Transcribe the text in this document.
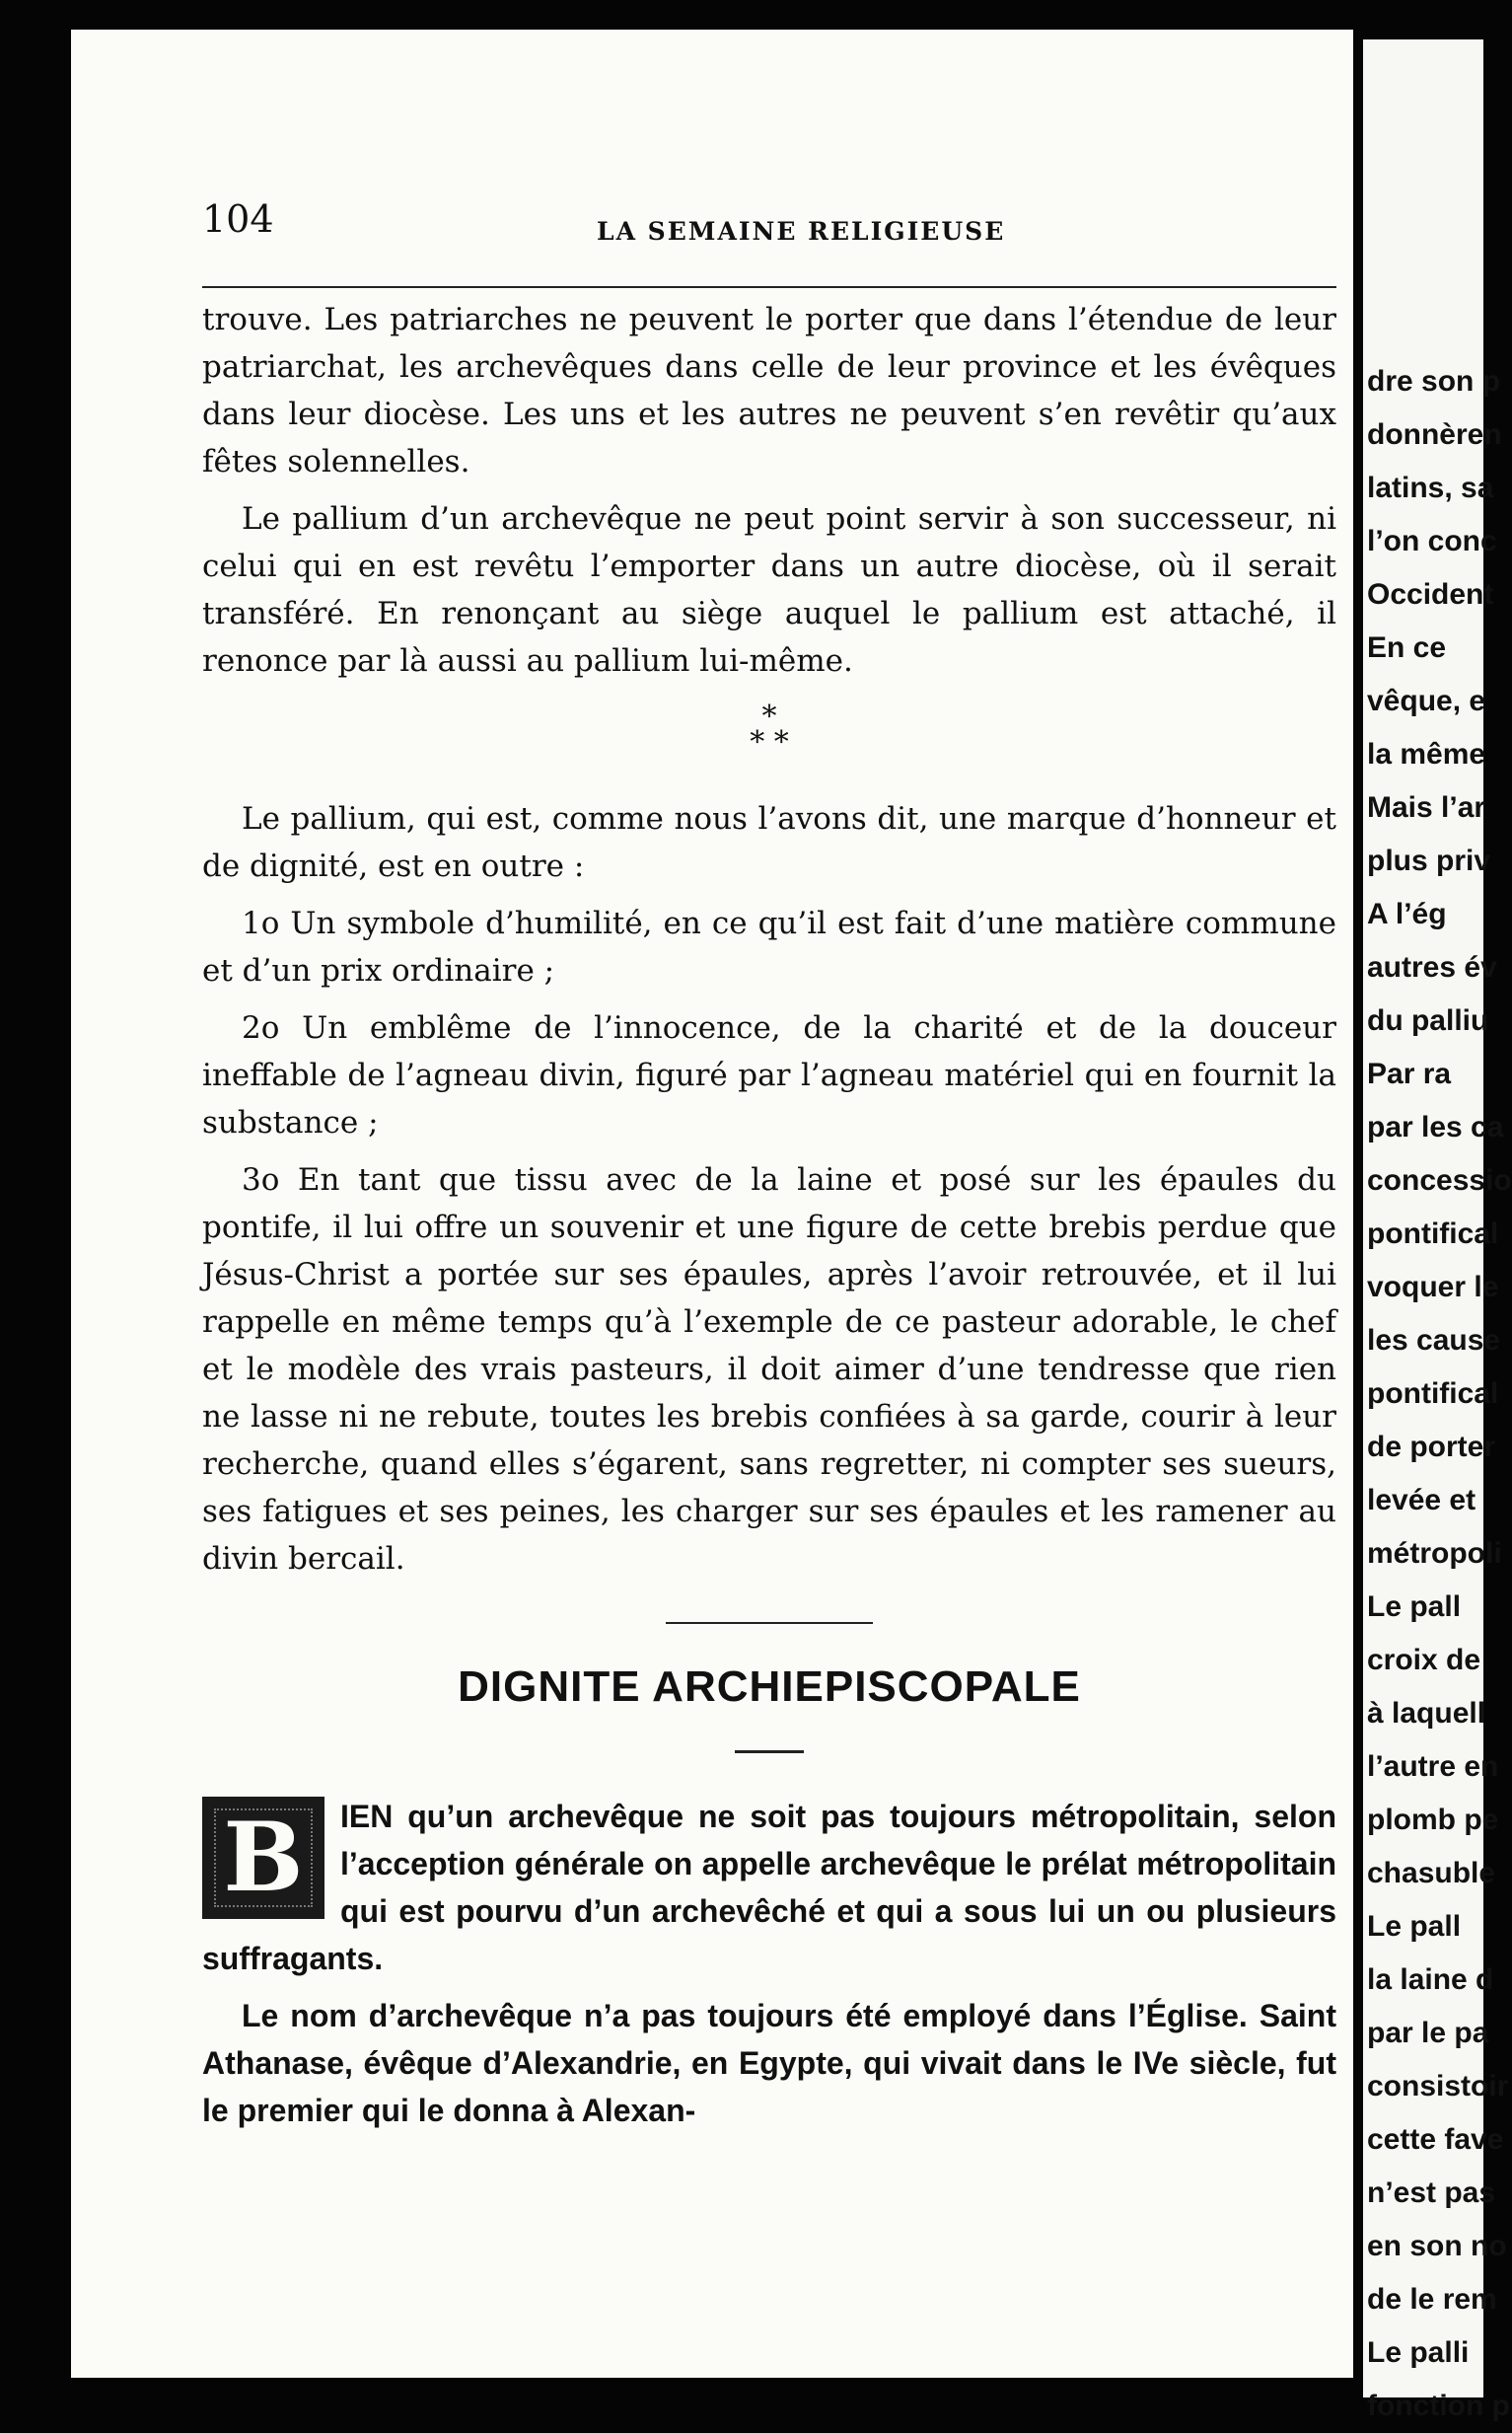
dre son p
donnèren
latins, sa
l’on conc
Occident
En ce
vêque, e
la même
Mais l’ar
plus priv
A l’ég
autres év
du palliu
Par ra
par les ca
concessio
pontifical
voquer le
les cause
pontifical
de porter
levée et
métropoli
Le pall
croix de
à laquell
l’autre en
plomb pe
chasuble
Le pall
la laine d
par le pa
consistoir
cette fave
n’est pas
en son no
de le rem
Le palli
fonction p
104	LA SEMAINE RELIGIEUSE

trouve. Les patriarches ne peuvent le porter que dans l’étendue de leur patriarchat, les archevêques dans celle de leur province et les évêques dans leur diocèse. Les uns et les autres ne peuvent s’en revêtir qu’aux fêtes solennelles.

Le pallium d’un archevêque ne peut point servir à son successeur, ni celui qui en est revêtu l’emporter dans un autre diocèse, où il serait transféré. En renonçant au siège auquel le pallium est attaché, il renonce par là aussi au pallium lui-même.

*
* *

Le pallium, qui est, comme nous l’avons dit, une marque d’honneur et de dignité, est en outre :

1o Un symbole d’humilité, en ce qu’il est fait d’une matière commune et d’un prix ordinaire ;

2o Un emblême de l’innocence, de la charité et de la douceur ineffable de l’agneau divin, figuré par l’agneau matériel qui en fournit la substance ;

3o En tant que tissu avec de la laine et posé sur les épaules du pontife, il lui offre un souvenir et une figure de cette brebis perdue que Jésus-Christ a portée sur ses épaules, après l’avoir retrouvée, et il lui rappelle en même temps qu’à l’exemple de ce pasteur adorable, le chef et le modèle des vrais pasteurs, il doit aimer d’une tendresse que rien ne lasse ni ne rebute, toutes les brebis confiées à sa garde, courir à leur recherche, quand elles s’égarent, sans regretter, ni compter ses sueurs, ses fatigues et ses peines, les charger sur ses épaules et les ramener au divin bercail.

DIGNITE ARCHIEPISCOPALE

B IEN qu’un archevêque ne soit pas toujours métropolitain, selon l’acception générale on appelle archevêque le prélat métropolitain qui est pourvu d’un archevêché et qui a sous lui un ou plusieurs suffragants.

Le nom d’archevêque n’a pas toujours été employé dans l’Église. Saint Athanase, évêque d’Alexandrie, en Egypte, qui vivait dans le IVe siècle, fut le premier qui le donna à Alexan-
